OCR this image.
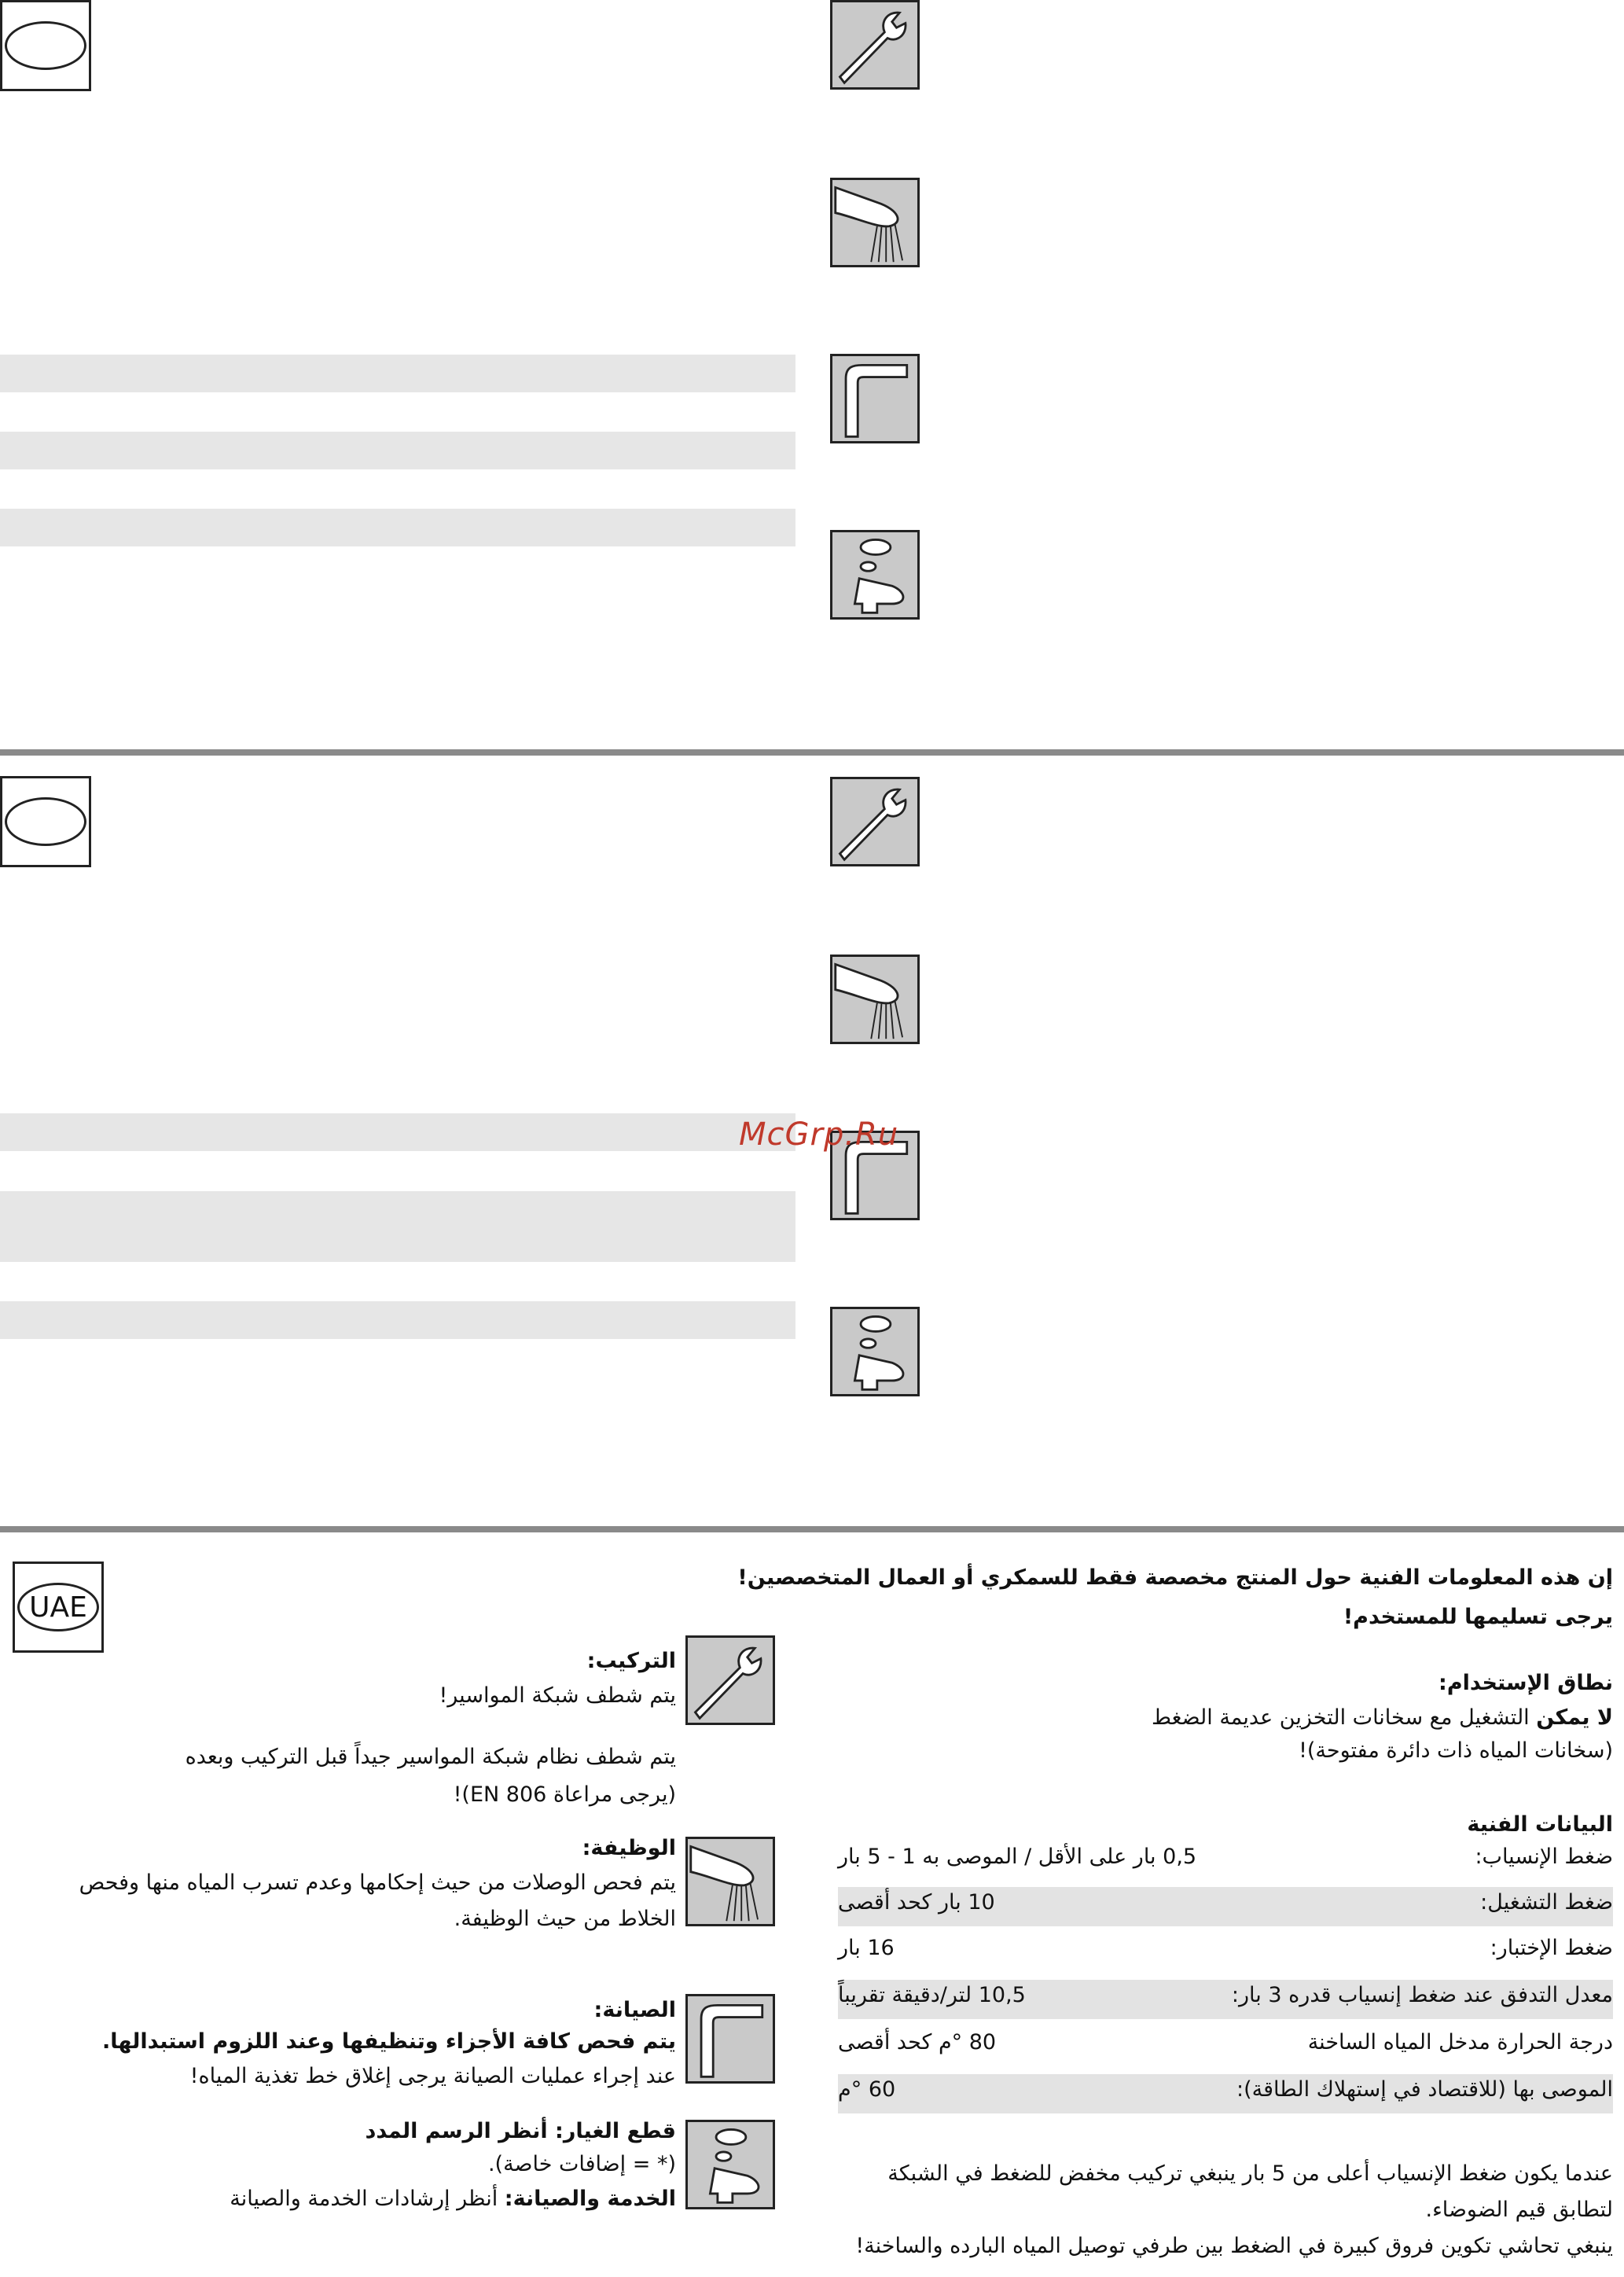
McGrp.Ru
UAE
إن هذه المعلومات الفنية حول المنتج مخصصة فقط للسمكري أو العمال المتخصصين!
يرجى تسليمها للمستخدم!
نطاق الإستخدام:
لا يمكن التشغيل مع سخانات التخزين عديمة الضغط
(سخانات المياه ذات دائرة مفتوحة)!
البيانات الفنية
ضغط الإنسياب:
0,5 بار على الأقل / الموصى به 1 - 5 بار
ضغط التشغيل:
10 بار كحد أقصى
ضغط الإختبار:
16 بار
معدل التدفق عند ضغط إنسياب قدره 3 بار:
10,5 لتر/دقيقة تقريباً
درجة الحرارة مدخل المياه الساخنة
80 °م كحد أقصى
الموصى بها (للاقتصاد في إستهلاك الطاقة):
60 °م
عندما يكون ضغط الإنسياب أعلى من 5 بار ينبغي تركيب مخفض للضغط في الشبكة
لتطابق قيم الضوضاء.
ينبغي تحاشي تكوين فروق كبيرة في الضغط بين طرفي توصيل المياه البارده والساخنة!
التركيب:
يتم شطف شبكة المواسير!
يتم شطف نظام شبكة المواسير جيداً قبل التركيب وبعده
(يرجى مراعاة EN 806)!
الوظيفة:
يتم فحص الوصلات من حيث إحكامها وعدم تسرب المياه منها وفحص
الخلاط من حيث الوظيفة.
الصيانة:
يتم فحص كافة الأجزاء وتنظيفها وعند اللزوم استبدالها.
عند إجراء عمليات الصيانة يرجى إغلاق خط تغذية المياه!
قطع الغيار: أنظر الرسم المدد
(* = إضافات خاصة).
الخدمة والصيانة: أنظر إرشادات الخدمة والصيانة
